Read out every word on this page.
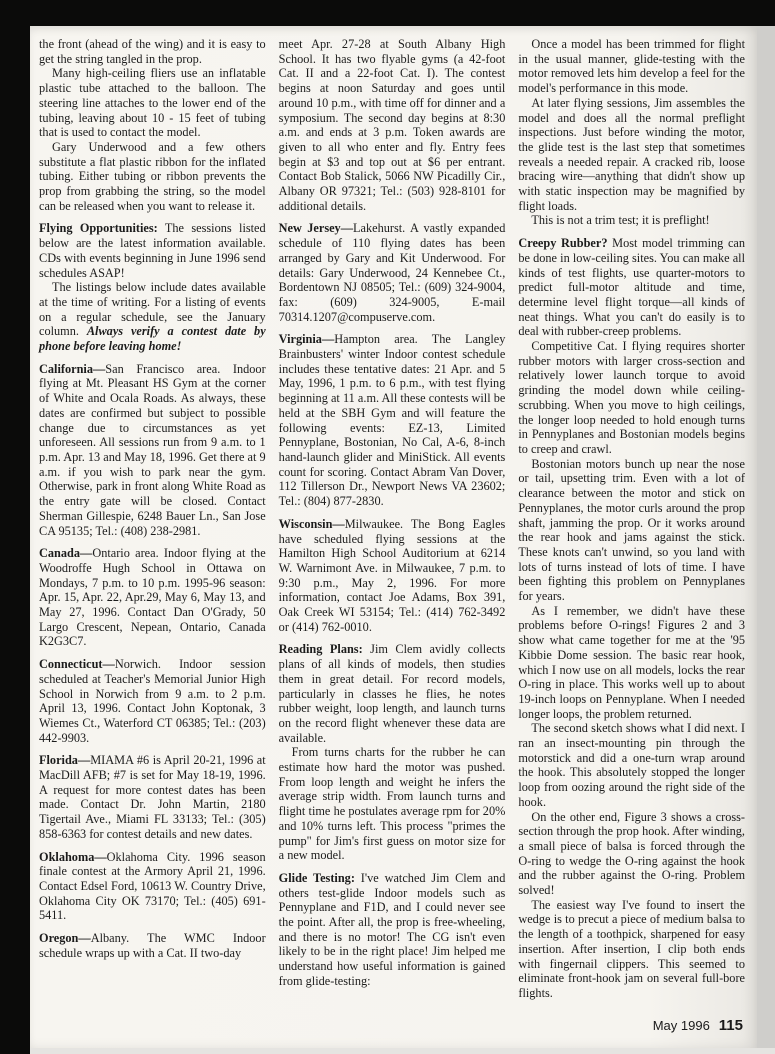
the front (ahead of the wing) and it is easy to get the string tangled in the prop.

Many high-ceiling fliers use an inflatable plastic tube attached to the balloon. The steering line attaches to the lower end of the tubing, leaving about 10 - 15 feet of tubing that is used to contact the model.

Gary Underwood and a few others substitute a flat plastic ribbon for the inflated tubing. Either tubing or ribbon prevents the prop from grabbing the string, so the model can be released when you want to release it.

Flying Opportunities: The sessions listed below are the latest information available. CDs with events beginning in June 1996 send schedules ASAP!

The listings below include dates available at the time of writing. For a listing of events on a regular schedule, see the January column. Always verify a contest date by phone before leaving home!

California—San Francisco area. Indoor flying at Mt. Pleasant HS Gym at the corner of White and Ocala Roads. As always, these dates are confirmed but subject to possible change due to circumstances as yet unforeseen. All sessions run from 9 a.m. to 1 p.m. Apr. 13 and May 18, 1996. Get there at 9 a.m. if you wish to park near the gym. Otherwise, park in front along White Road as the entry gate will be closed. Contact Sherman Gillespie, 6248 Bauer Ln., San Jose CA 95135; Tel.: (408) 238-2981.

Canada—Ontario area. Indoor flying at the Woodroffe Hugh School in Ottawa on Mondays, 7 p.m. to 10 p.m. 1995-96 season: Apr. 15, Apr. 22, Apr.29, May 6, May 13, and May 27, 1996. Contact Dan O'Grady, 50 Largo Crescent, Nepean, Ontario, Canada K2G3C7.

Connecticut—Norwich. Indoor session scheduled at Teacher's Memorial Junior High School in Norwich from 9 a.m. to 2 p.m. April 13, 1996. Contact John Koptonak, 3 Wiemes Ct., Waterford CT 06385; Tel.: (203) 442-9903.

Florida—MIAMA #6 is April 20-21, 1996 at MacDill AFB; #7 is set for May 18-19, 1996. A request for more contest dates has been made. Contact Dr. John Martin, 2180 Tigertail Ave., Miami FL 33133; Tel.: (305) 858-6363 for contest details and new dates.

Oklahoma—Oklahoma City. 1996 season finale contest at the Armory April 21, 1996. Contact Edsel Ford, 10613 W. Country Drive, Oklahoma City OK 73170; Tel.: (405) 691-5411.

Oregon—Albany. The WMC Indoor schedule wraps up with a Cat. II two-day

meet Apr. 27-28 at South Albany High School. It has two flyable gyms (a 42-foot Cat. II and a 22-foot Cat. I). The contest begins at noon Saturday and goes until around 10 p.m., with time off for dinner and a symposium. The second day begins at 8:30 a.m. and ends at 3 p.m. Token awards are given to all who enter and fly. Entry fees begin at $3 and top out at $6 per entrant. Contact Bob Stalick, 5066 NW Picadilly Cir., Albany OR 97321; Tel.: (503) 928-8101 for additional details.

New Jersey—Lakehurst. A vastly expanded schedule of 110 flying dates has been arranged by Gary and Kit Underwood. For details: Gary Underwood, 24 Kennebee Ct., Bordentown NJ 08505; Tel.: (609) 324-9004, fax: (609) 324-9005, E-mail 70314.1207@compuserve.com.

Virginia—Hampton area. The Langley Brainbusters' winter Indoor contest schedule includes these tentative dates: 21 Apr. and 5 May, 1996, 1 p.m. to 6 p.m., with test flying beginning at 11 a.m. All these contests will be held at the SBH Gym and will feature the following events: EZ-13, Limited Pennyplane, Bostonian, No Cal, A-6, 8-inch hand-launch glider and MiniStick. All events count for scoring. Contact Abram Van Dover, 112 Tillerson Dr., Newport News VA 23602; Tel.: (804) 877-2830.

Wisconsin—Milwaukee. The Bong Eagles have scheduled flying sessions at the Hamilton High School Auditorium at 6214 W. Warnimont Ave. in Milwaukee, 7 p.m. to 9:30 p.m., May 2, 1996. For more information, contact Joe Adams, Box 391, Oak Creek WI 53154; Tel.: (414) 762-3492 or (414) 762-0010.

Reading Plans: Jim Clem avidly collects plans of all kinds of models, then studies them in great detail. For record models, particularly in classes he flies, he notes rubber weight, loop length, and launch turns on the record flight whenever these data are available.

From turns charts for the rubber he can estimate how hard the motor was pushed. From loop length and weight he infers the average strip width. From launch turns and flight time he postulates average rpm for 20% and 10% turns left. This process "primes the pump" for Jim's first guess on motor size for a new model.

Glide Testing: I've watched Jim Clem and others test-glide Indoor models such as Pennyplane and F1D, and I could never see the point. After all, the prop is free-wheeling, and there is no motor! The CG isn't even likely to be in the right place! Jim helped me understand how useful information is gained from glide-testing:

Once a model has been trimmed for flight in the usual manner, glide-testing with the motor removed lets him develop a feel for the model's performance in this mode.

At later flying sessions, Jim assembles the model and does all the normal preflight inspections. Just before winding the motor, the glide test is the last step that sometimes reveals a needed repair. A cracked rib, loose bracing wire—anything that didn't show up with static inspection may be magnified by flight loads.

This is not a trim test; it is preflight!

Creepy Rubber? Most model trimming can be done in low-ceiling sites. You can make all kinds of test flights, use quarter-motors to predict full-motor altitude and time, determine level flight torque—all kinds of neat things. What you can't do easily is to deal with rubber-creep problems.

Competitive Cat. I flying requires shorter rubber motors with larger cross-section and relatively lower launch torque to avoid grinding the model down while ceiling-scrubbing. When you move to high ceilings, the longer loop needed to hold enough turns in Pennyplanes and Bostonian models begins to creep and crawl.

Bostonian motors bunch up near the nose or tail, upsetting trim. Even with a lot of clearance between the motor and stick on Pennyplanes, the motor curls around the prop shaft, jamming the prop. Or it works around the rear hook and jams against the stick. These knots can't unwind, so you land with lots of turns instead of lots of time. I have been fighting this problem on Pennyplanes for years.

As I remember, we didn't have these problems before O-rings! Figures 2 and 3 show what came together for me at the '95 Kibbie Dome session. The basic rear hook, which I now use on all models, locks the rear O-ring in place. This works well up to about 19-inch loops on Pennyplane. When I needed longer loops, the problem returned.

The second sketch shows what I did next. I ran an insect-mounting pin through the motorstick and did a one-turn wrap around the hook. This absolutely stopped the longer loop from oozing around the right side of the hook.

On the other end, Figure 3 shows a cross-section through the prop hook. After winding, a small piece of balsa is forced through the O-ring to wedge the O-ring against the hook and the rubber against the O-ring. Problem solved!

The easiest way I've found to insert the wedge is to precut a piece of medium balsa to the length of a toothpick, sharpened for easy insertion. After insertion, I clip both ends with fingernail clippers. This seemed to eliminate front-hook jam on several full-bore flights.

May 1996 115
